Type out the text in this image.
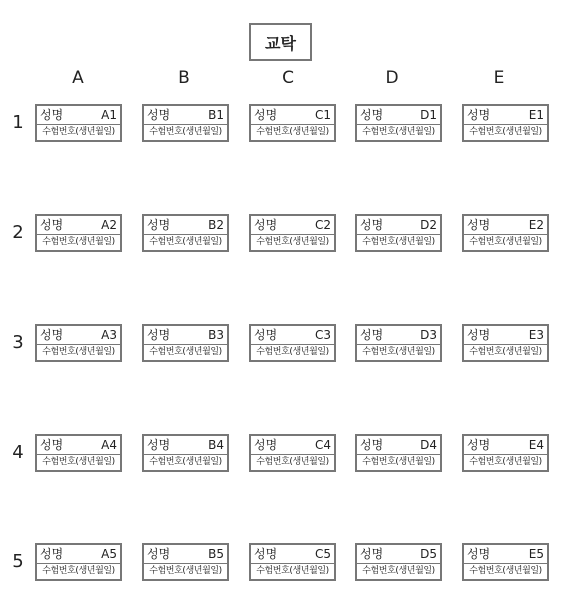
교탁
A	B	C	D	E
1
2
3
4
5
성명	A1
수험번호(생년월일)
성명	B1
수험번호(생년월일)
성명	C1
수험번호(생년월일)
성명	D1
수험번호(생년월일)
성명	E1
수험번호(생년월일)
성명	A2
수험번호(생년월일)
성명	B2
수험번호(생년월일)
성명	C2
수험번호(생년월일)
성명	D2
수험번호(생년월일)
성명	E2
수험번호(생년월일)
성명	A3
수험번호(생년월일)
성명	B3
수험번호(생년월일)
성명	C3
수험번호(생년월일)
성명	D3
수험번호(생년월일)
성명	E3
수험번호(생년월일)
성명	A4
수험번호(생년월일)
성명	B4
수험번호(생년월일)
성명	C4
수험번호(생년월일)
성명	D4
수험번호(생년월일)
성명	E4
수험번호(생년월일)
성명	A5
수험번호(생년월일)
성명	B5
수험번호(생년월일)
성명	C5
수험번호(생년월일)
성명	D5
수험번호(생년월일)
성명	E5
수험번호(생년월일)
